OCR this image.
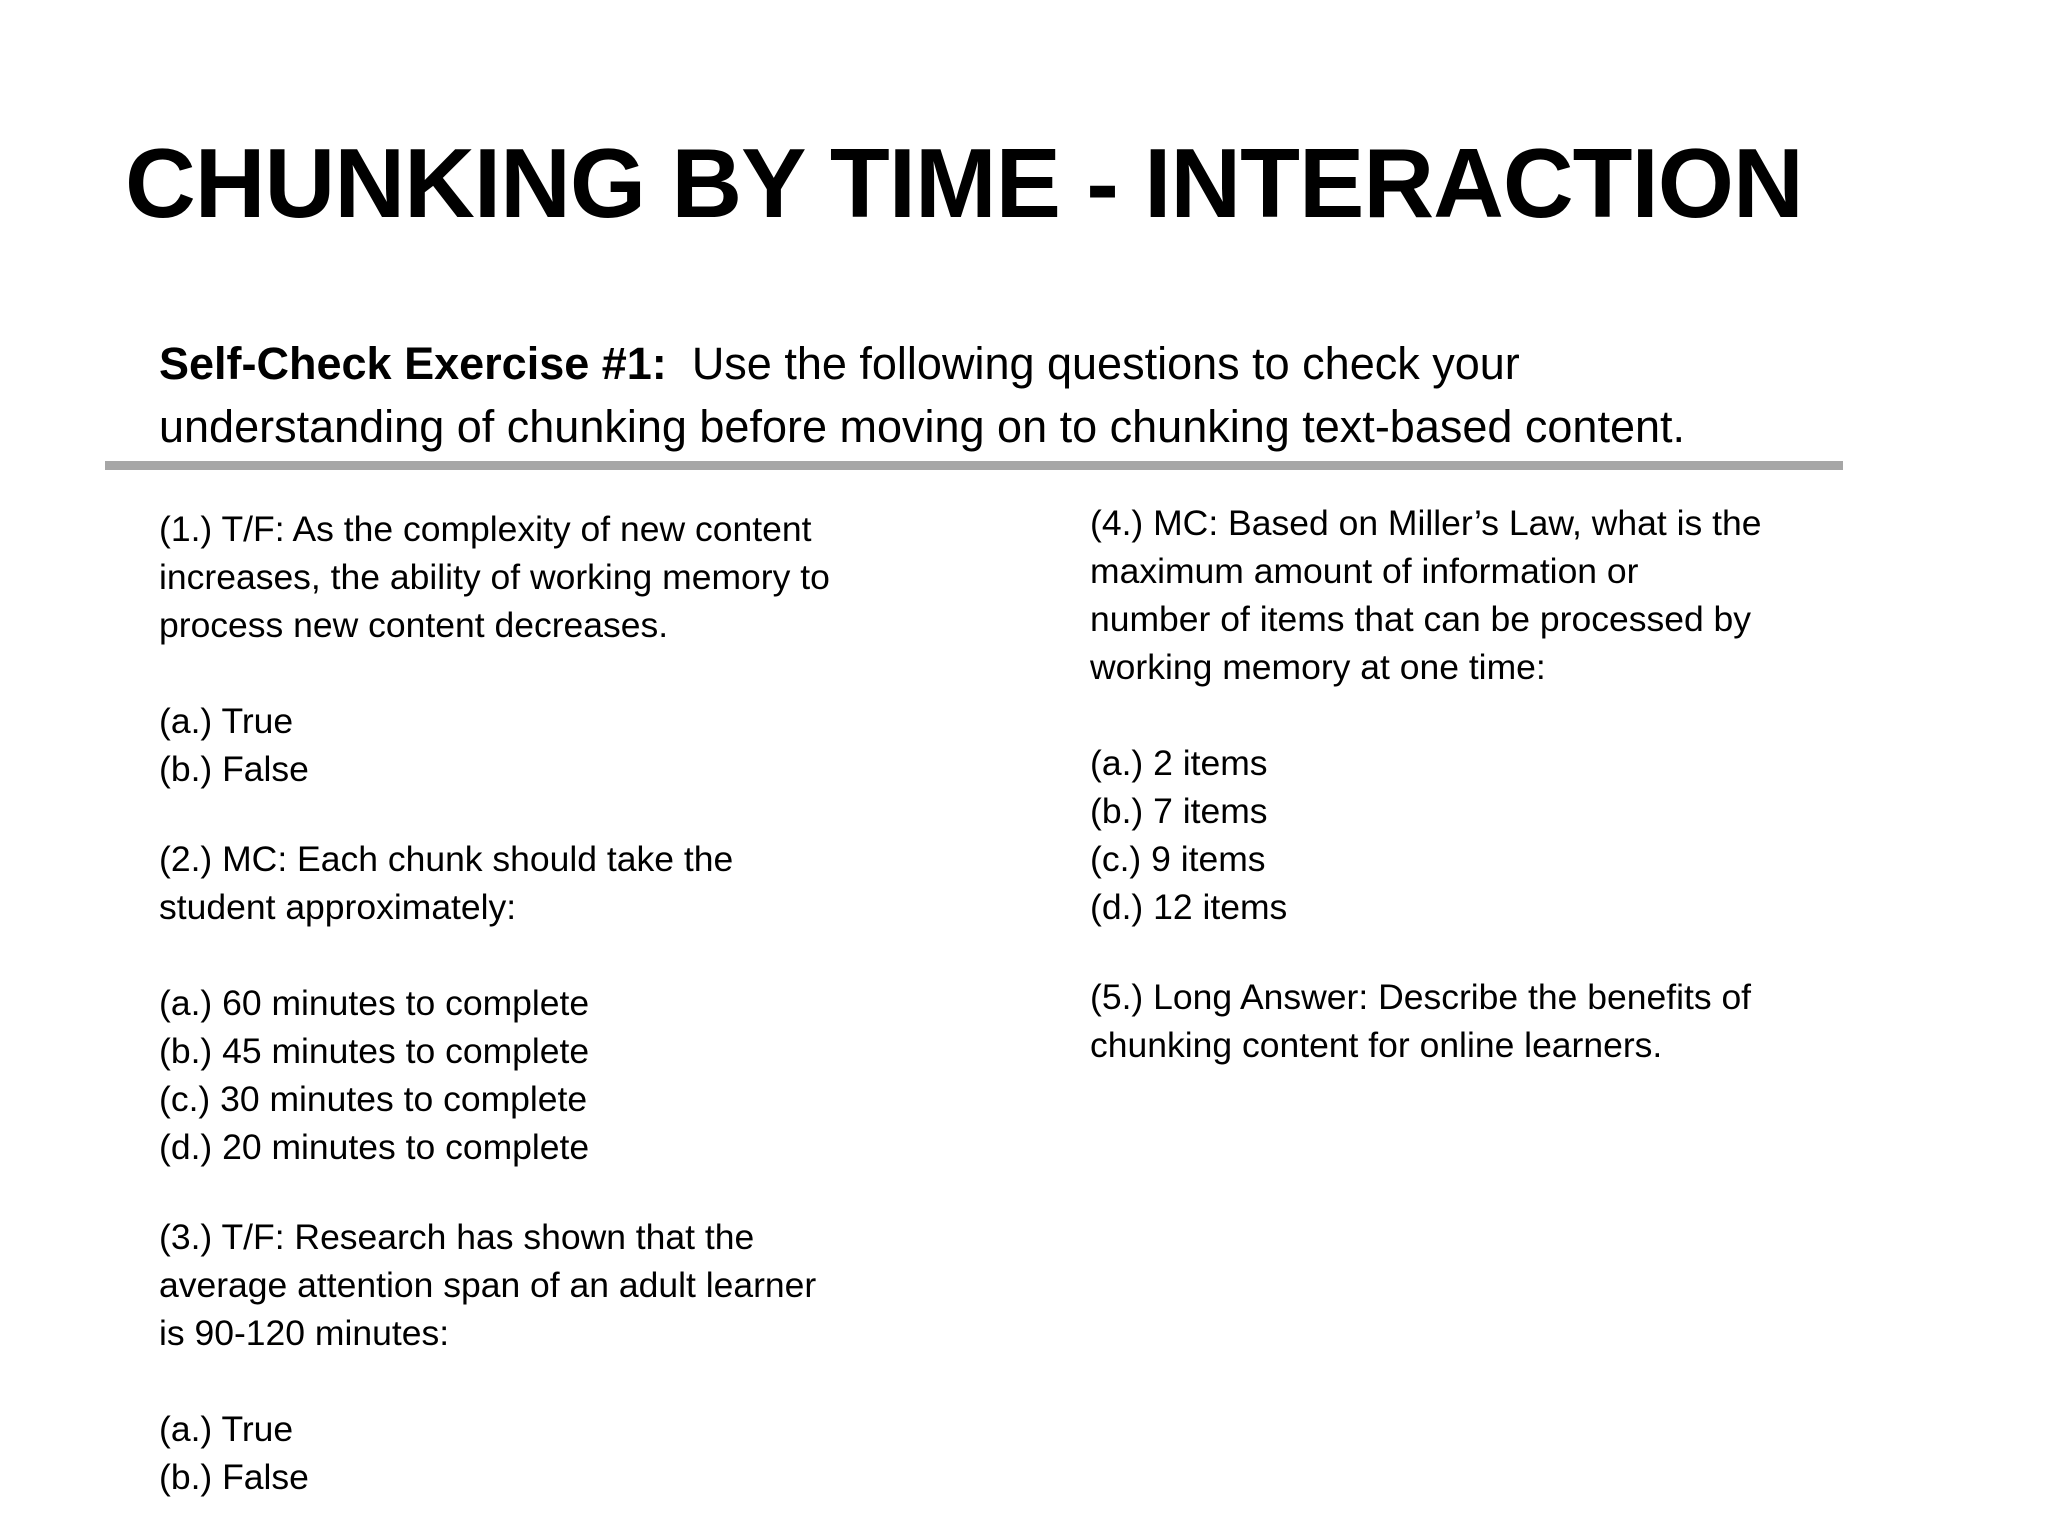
CHUNKING BY TIME - INTERACTION
Self-Check Exercise #1: Use the following questions to check your
understanding of chunking before moving on to chunking text-based content.

(1.) T/F: As the complexity of new content
increases, the ability of working memory to
process new content decreases.

(a.) True
(b.) False

(2.) MC: Each chunk should take the
student approximately:

(a.) 60 minutes to complete
(b.) 45 minutes to complete
(c.) 30 minutes to complete
(d.) 20 minutes to complete

(3.) T/F: Research has shown that the
average attention span of an adult learner
is 90-120 minutes:

(a.) True
(b.) False

(4.) MC: Based on Miller’s Law, what is the
maximum amount of information or
number of items that can be processed by
working memory at one time:

(a.) 2 items
(b.) 7 items
(c.) 9 items
(d.) 12 items

(5.) Long Answer: Describe the benefits of
chunking content for online learners.
